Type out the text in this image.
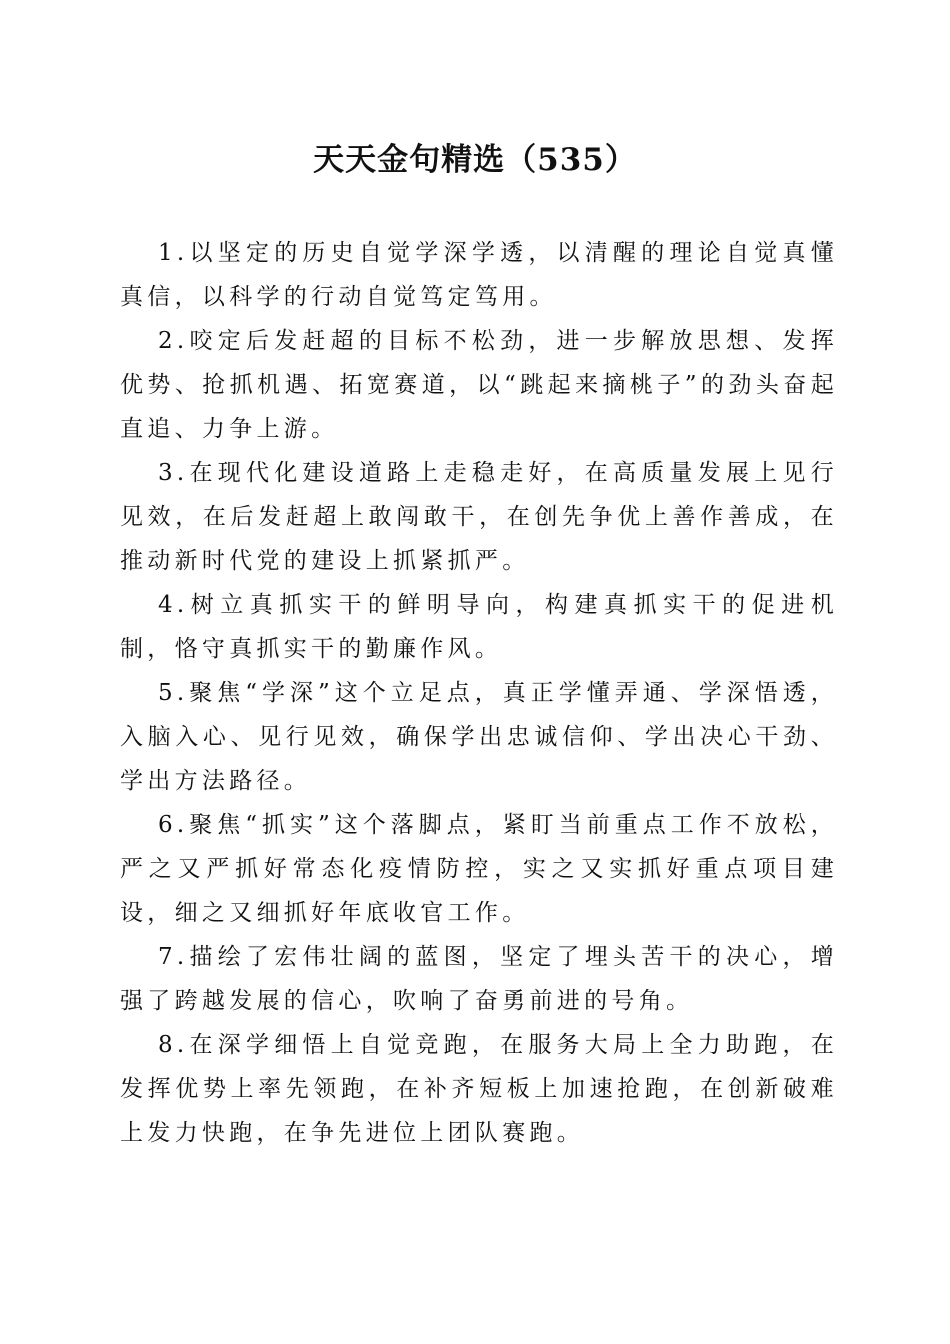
天天金句精选（535）

1.以坚定的历史自觉学深学透，以清醒的理论自觉真懂真信，以科学的行动自觉笃定笃用。

2.咬定后发赶超的目标不松劲，进一步解放思想、发挥优势、抢抓机遇、拓宽赛道，以“跳起来摘桃子”的劲头奋起直追、力争上游。

3.在现代化建设道路上走稳走好，在高质量发展上见行见效，在后发赶超上敢闯敢干，在创先争优上善作善成，在推动新时代党的建设上抓紧抓严。

4.树立真抓实干的鲜明导向，构建真抓实干的促进机制，恪守真抓实干的勤廉作风。

5.聚焦“学深”这个立足点，真正学懂弄通、学深悟透，入脑入心、见行见效，确保学出忠诚信仰、学出决心干劲、学出方法路径。

6.聚焦“抓实”这个落脚点，紧盯当前重点工作不放松，严之又严抓好常态化疫情防控，实之又实抓好重点项目建设，细之又细抓好年底收官工作。

7.描绘了宏伟壮阔的蓝图，坚定了埋头苦干的决心，增强了跨越发展的信心，吹响了奋勇前进的号角。

8.在深学细悟上自觉竞跑，在服务大局上全力助跑，在发挥优势上率先领跑，在补齐短板上加速抢跑，在创新破难上发力快跑，在争先进位上团队赛跑。
